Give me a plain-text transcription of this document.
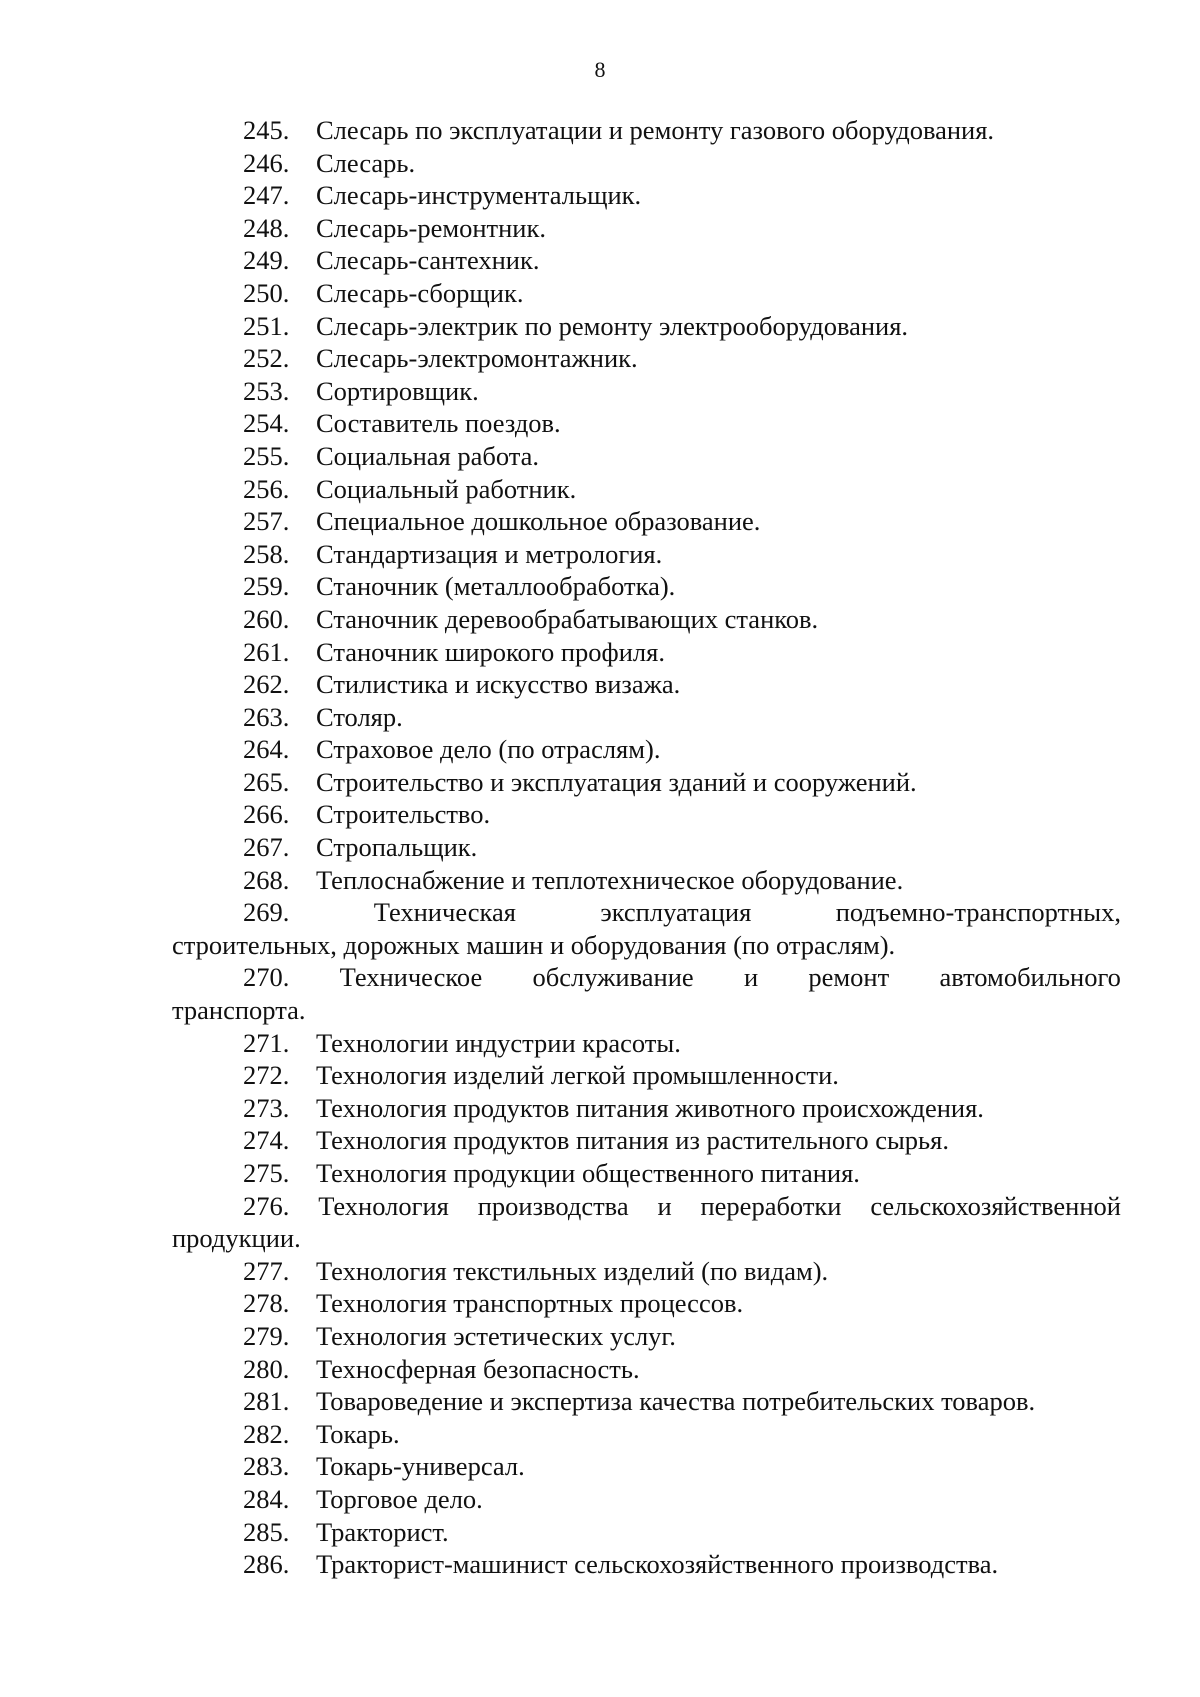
8
245. Слесарь по эксплуатации и ремонту газового оборудования.
246. Слесарь.
247. Слесарь-инструментальщик.
248. Слесарь-ремонтник.
249. Слесарь-сантехник.
250. Слесарь-сборщик.
251. Слесарь-электрик по ремонту электрооборудования.
252. Слесарь-электромонтажник.
253. Сортировщик.
254. Составитель поездов.
255. Социальная работа.
256. Социальный работник.
257. Специальное дошкольное образование.
258. Стандартизация и метрология.
259. Станочник (металлообработка).
260. Станочник деревообрабатывающих станков.
261. Станочник широкого профиля.
262. Стилистика и искусство визажа.
263. Столяр.
264. Страховое дело (по отраслям).
265. Строительство и эксплуатация зданий и сооружений.
266. Строительство.
267. Стропальщик.
268. Теплоснабжение и теплотехническое оборудование.
269.	Техническая	эксплуатация	подъемно-транспортных,
строительных, дорожных машин и оборудования (по отраслям).
270. Техническое обслуживание и ремонт автомобильного
транспорта.
271. Технологии индустрии красоты.
272. Технология изделий легкой промышленности.
273. Технология продуктов питания животного происхождения.
274. Технология продуктов питания из растительного сырья.
275. Технология продукции общественного питания.
276. Технология производства и переработки сельскохозяйственной
продукции.
277. Технология текстильных изделий (по видам).
278. Технология транспортных процессов.
279. Технология эстетических услуг.
280. Техносферная безопасность.
281. Товароведение и экспертиза качества потребительских товаров.
282. Токарь.
283. Токарь-универсал.
284. Торговое дело.
285. Тракторист.
286. Тракторист-машинист сельскохозяйственного производства.
